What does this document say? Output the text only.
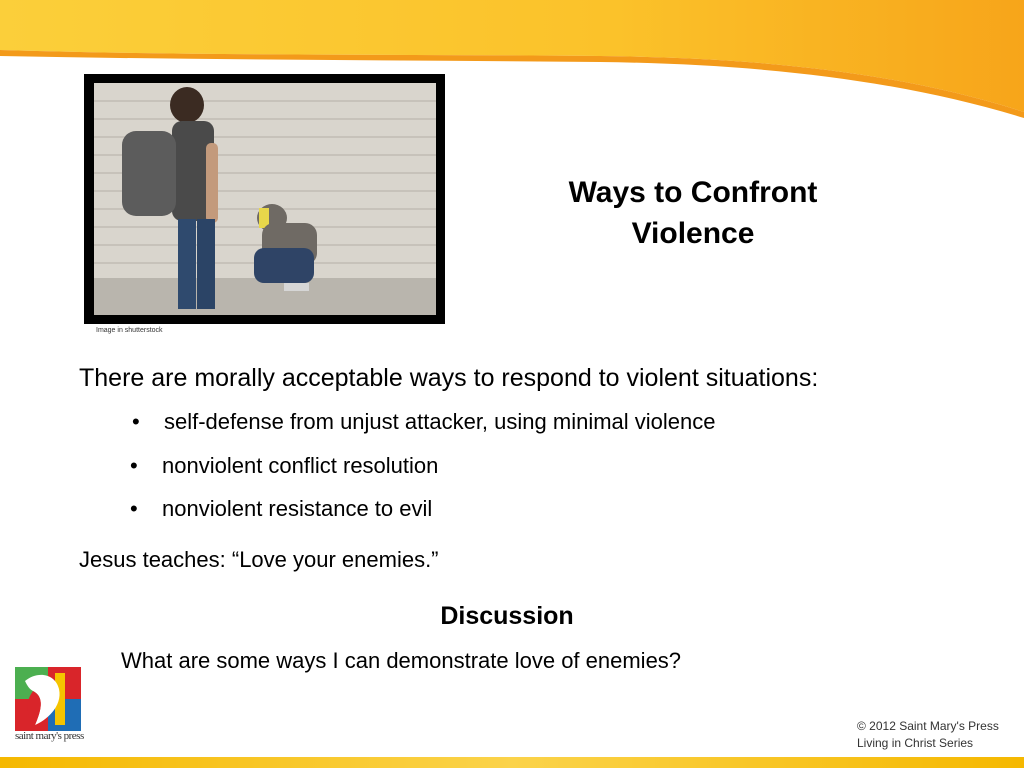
Image in shutterstock
Ways to Confront Violence
There are morally acceptable ways to respond to violent situations:
• self-defense from unjust attacker, using minimal violence
• nonviolent conflict resolution
• nonviolent resistance to evil
Jesus teaches: “Love your enemies.”
Discussion
What are some ways I can demonstrate love of enemies?
saint mary's press
© 2012 Saint Mary's Press
Living in Christ Series
